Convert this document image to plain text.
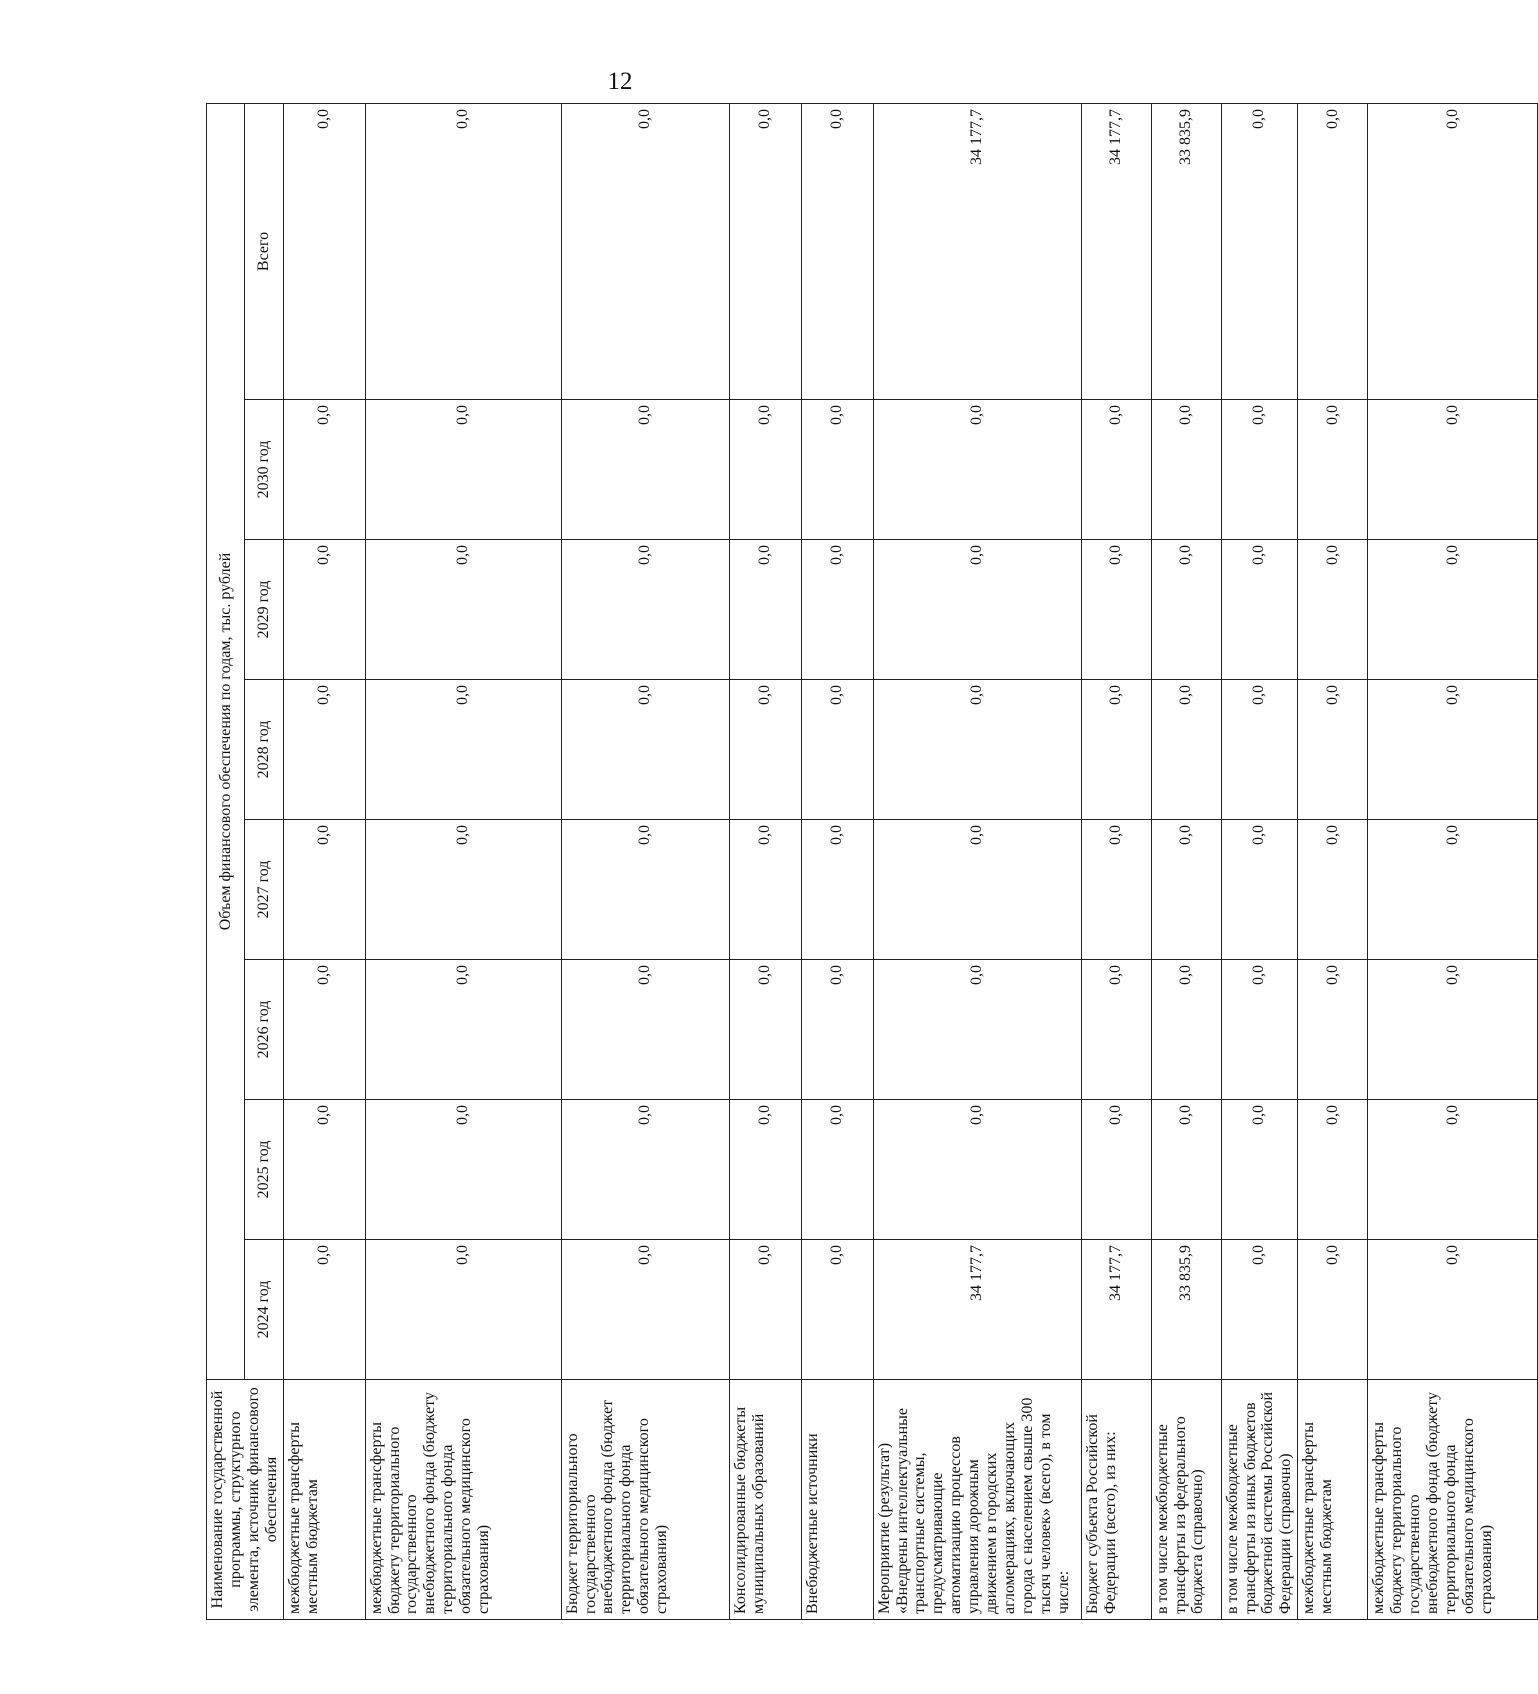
12
Наименование государственной программы, структурного элемента, источник финансового обеспечения	Объем финансового обеспечения по годам, тыс. рублей							
	2024 год	2025 год	2026 год	2027 год	2028 год	2029 год	2030 год	Всего
межбюджетные трансферты местным бюджетам	0,0	0,0	0,0	0,0	0,0	0,0	0,0	0,0
межбюджетные трансферты бюджету территориального государственного внебюджетного фонда (бюджету территориального фонда обязательного медицинского страхования)	0,0	0,0	0,0	0,0	0,0	0,0	0,0	0,0
Бюджет территориального государственного внебюджетного фонда (бюджет территориального фонда обязательного медицинского страхования)	0,0	0,0	0,0	0,0	0,0	0,0	0,0	0,0
Консолидированные бюджеты муниципальных образований	0,0	0,0	0,0	0,0	0,0	0,0	0,0	0,0
Внебюджетные источники	0,0	0,0	0,0	0,0	0,0	0,0	0,0	0,0
Мероприятие (результат) «Внедрены интеллектуальные транспортные системы, предусматривающие автоматизацию процессов управления дорожным движением в городских агломерациях, включающих города с населением свыше 300 тысяч человек» (всего), в том числе:	34 177,7	0,0	0,0	0,0	0,0	0,0	0,0	34 177,7
Бюджет субъекта Российской Федерации (всего), из них:	34 177,7	0,0	0,0	0,0	0,0	0,0	0,0	34 177,7
в том числе межбюджетные трансферты из федерального бюджета (справочно)	33 835,9	0,0	0,0	0,0	0,0	0,0	0,0	33 835,9
в том числе межбюджетные трансферты из иных бюджетов бюджетной системы Российской Федерации (справочно)	0,0	0,0	0,0	0,0	0,0	0,0	0,0	0,0
межбюджетные трансферты местным бюджетам	0,0	0,0	0,0	0,0	0,0	0,0	0,0	0,0
межбюджетные трансферты бюджету территориального государственного внебюджетного фонда (бюджету территориального фонда обязательного медицинского страхования)	0,0	0,0	0,0	0,0	0,0	0,0	0,0	0,0
